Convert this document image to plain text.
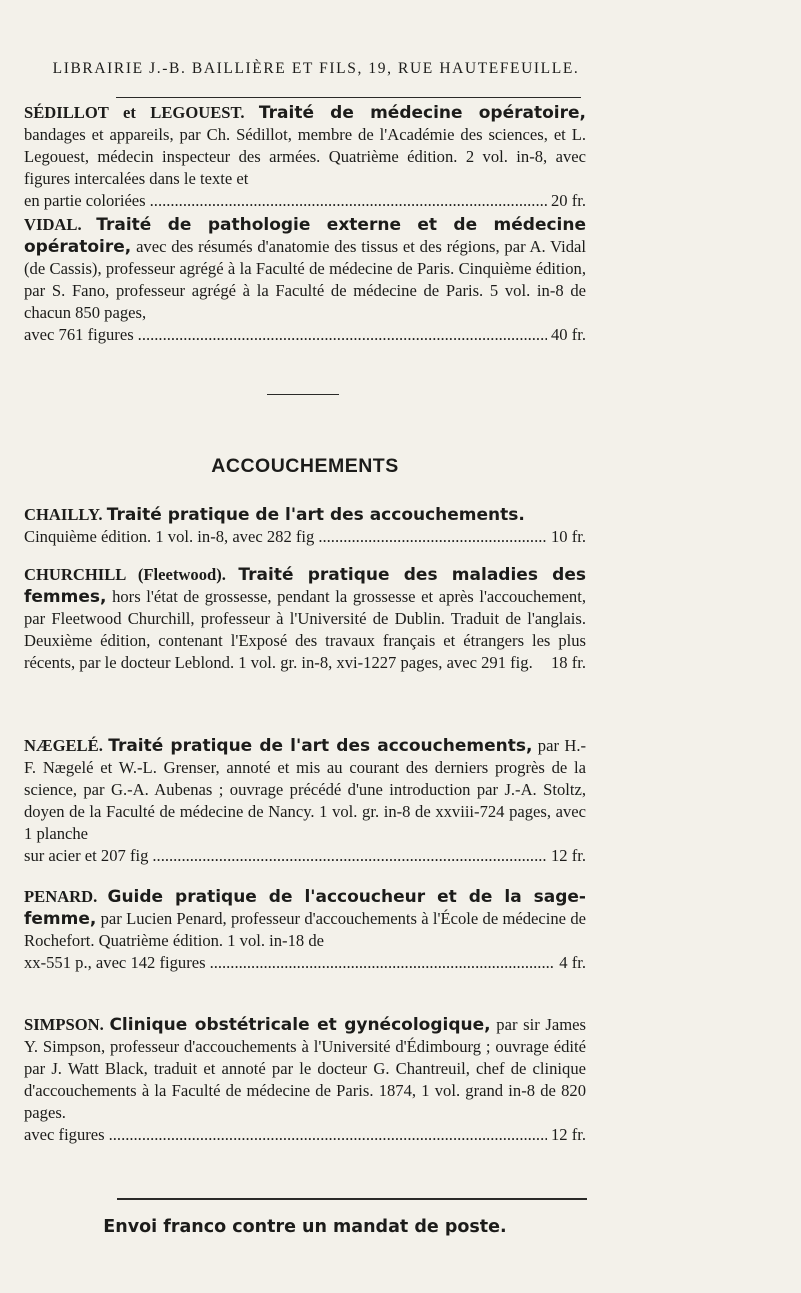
LIBRAIRIE J.-B. BAILLIÈRE ET FILS, 19, RUE HAUTEFEUILLE.
SÉDILLOT et LEGOUEST. Traité de médecine opératoire, bandages et appareils, par Ch. Sédillot, membre de l'Académie des sciences, et L. Legouest, médecin inspecteur des armées. Quatrième édition. 2 vol. in-8, avec figures intercalées dans le texte et
en partie coloriées .....	20 fr.
VIDAL. Traité de pathologie externe et de médecine opératoire, avec des résumés d'anatomie des tissus et des régions, par A. Vidal (de Cassis), professeur agrégé à la Faculté de médecine de Paris. Cinquième édition, par S. Fano, professeur agrégé à la Faculté de médecine de Paris. 5 vol. in-8 de chacun 850 pages,
avec 761 figures .....	40 fr.
ACCOUCHEMENTS
CHAILLY. Traité pratique de l'art des accouchements.
Cinquième édition. 1 vol. in-8, avec 282 fig .....	10 fr.
CHURCHILL (Fleetwood). Traité pratique des maladies des femmes, hors l'état de grossesse, pendant la grossesse et après l'accouchement, par Fleetwood Churchill, professeur à l'Université de Dublin. Traduit de l'anglais. Deuxième édition, contenant l'Exposé des travaux français et étrangers les plus récents, par le docteur Leblond. 1 vol. gr. in-8, xvi-1227 pages, avec 291 fig. 18 fr.
NÆGELÉ. Traité pratique de l'art des accouchements, par H.-F. Nægelé et W.-L. Grenser, annoté et mis au courant des derniers progrès de la science, par G.-A. Aubenas ; ouvrage précédé d'une introduction par J.-A. Stoltz, doyen de la Faculté de médecine de Nancy. 1 vol. gr. in-8 de xxviii-724 pages, avec 1 planche
sur acier et 207 fig .....	12 fr.
PENARD. Guide pratique de l'accoucheur et de la sage-femme, par Lucien Penard, professeur d'accouchements à l'École de médecine de Rochefort. Quatrième édition. 1 vol. in-18 de
xx-551 p., avec 142 figures .....	4 fr.
SIMPSON. Clinique obstétricale et gynécologique, par sir James Y. Simpson, professeur d'accouchements à l'Université d'Édimbourg ; ouvrage édité par J. Watt Black, traduit et annoté par le docteur G. Chantreuil, chef de clinique d'accouchements à la Faculté de médecine de Paris. 1874, 1 vol. grand in-8 de 820 pages.
avec figures .....	12 fr.
Envoi franco contre un mandat de poste.
